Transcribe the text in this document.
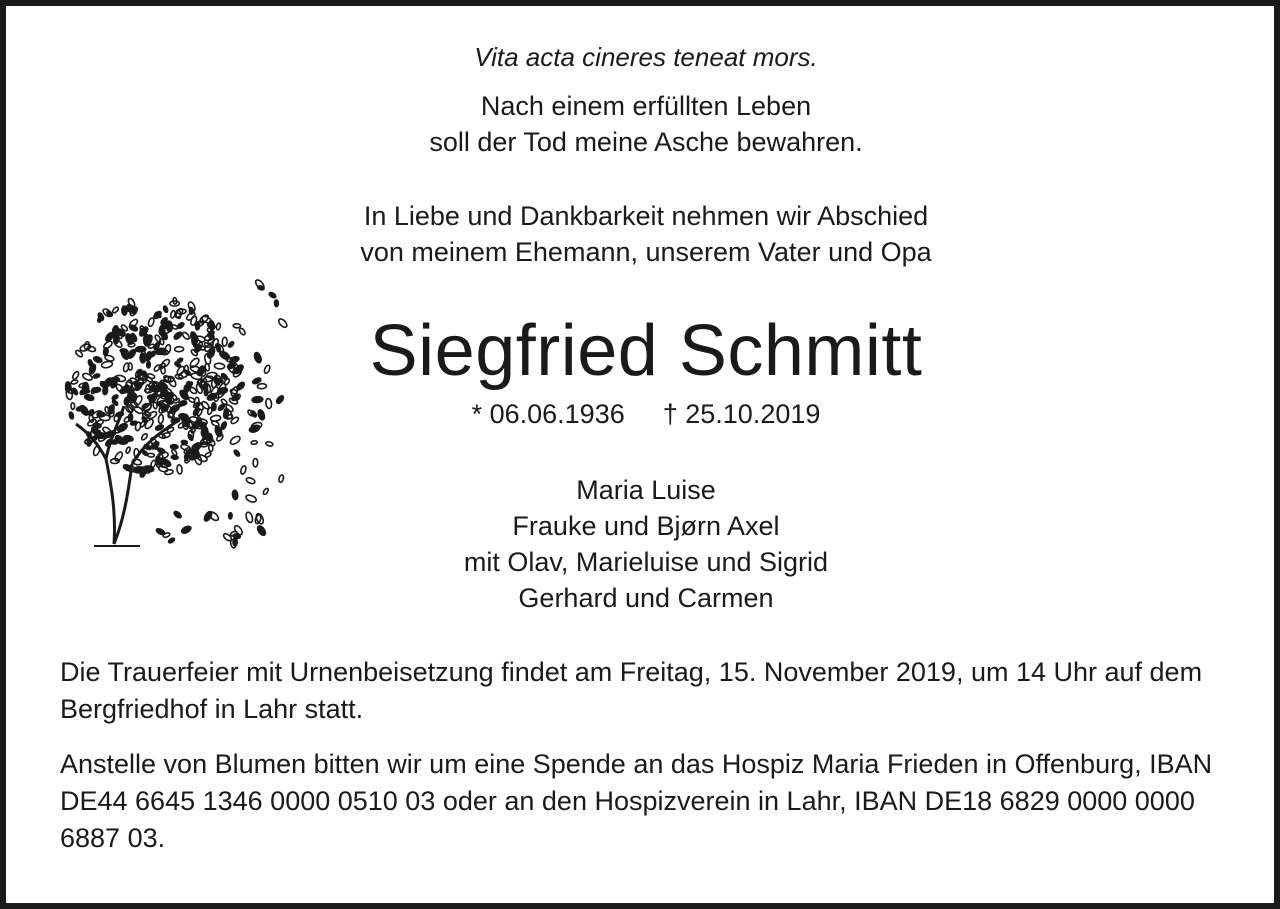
Vita acta cineres teneat mors.
Nach einem erfüllten Leben
soll der Tod meine Asche bewahren.
In Liebe und Dankbarkeit nehmen wir Abschied
von meinem Ehemann, unserem Vater und Opa
Siegfried Schmitt
* 06.06.1936 † 25.10.2019
Maria Luise
Frauke und Bjørn Axel
mit Olav, Marieluise und Sigrid
Gerhard und Carmen
Die Trauerfeier mit Urnenbeisetzung findet am Freitag, 15. November 2019, um 14 Uhr auf dem Bergfriedhof in Lahr statt.
Anstelle von Blumen bitten wir um eine Spende an das Hospiz Maria Frieden in Offenburg, IBAN DE44 6645 1346 0000 0510 03 oder an den Hospizverein in Lahr, IBAN DE18 6829 0000 0000 6887 03.
